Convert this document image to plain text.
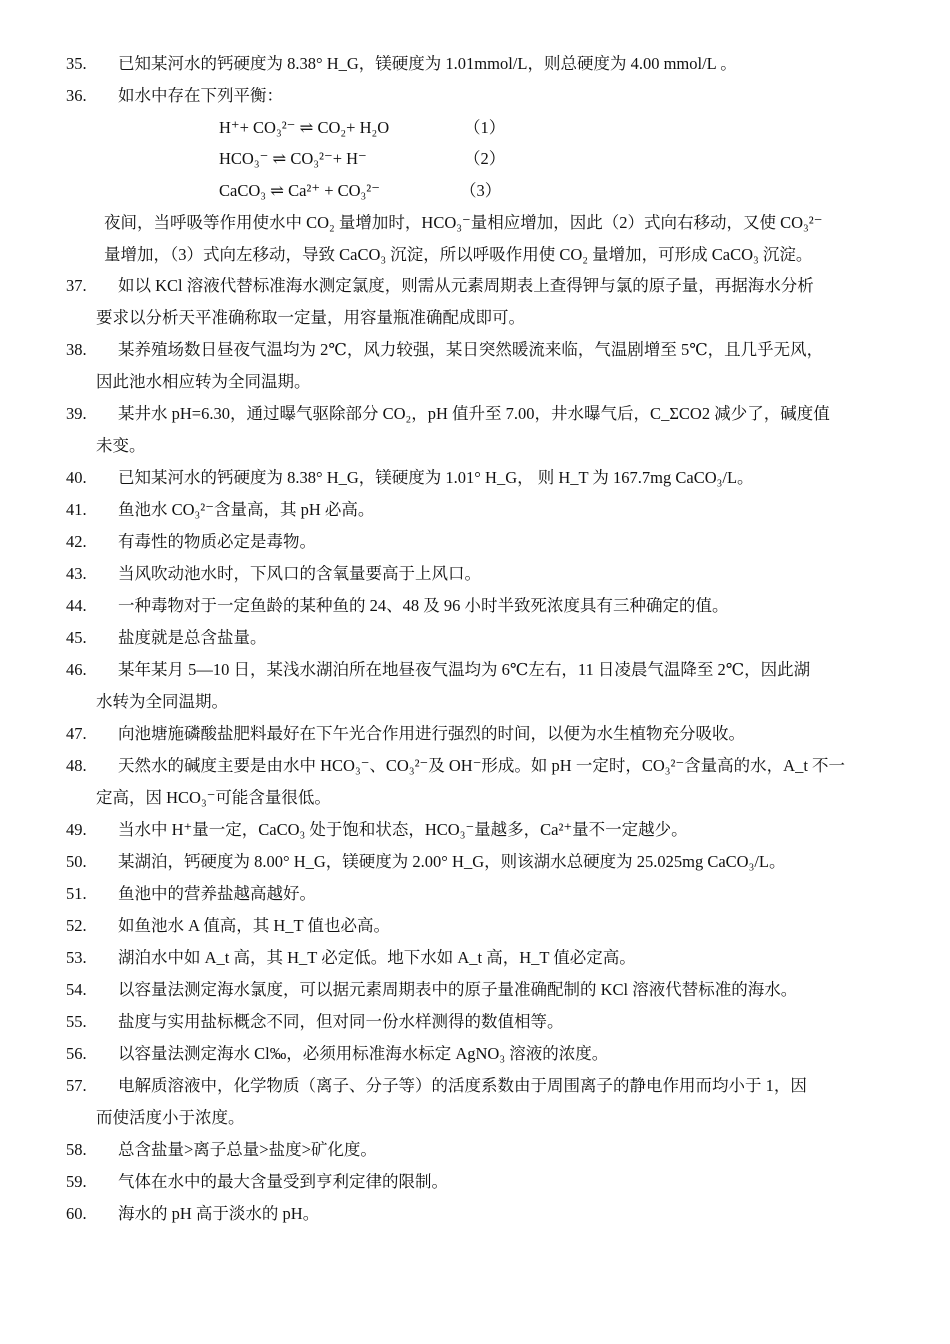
35.	已知某河水的钙硬度为 8.38° H_G，镁硬度为 1.01mmol/L，则总硬度为 4.00 mmol/L 。
36.	如水中存在下列平衡：
H⁺+ CO₃²⁻ ⇌ CO₂+ H₂O	（1）
HCO₃⁻ ⇌ CO₃²⁻+ H⁻	（2）
CaCO₃ ⇌ Ca²⁺ + CO₃²⁻	（3）
夜间，当呼吸等作用使水中 CO₂ 量增加时，HCO₃⁻量相应增加，因此（2）式向右移动，又使 CO₃²⁻
量增加，（3）式向左移动，导致 CaCO₃ 沉淀，所以呼吸作用使 CO₂ 量增加，可形成 CaCO₃ 沉淀。
37.	如以 KCl 溶液代替标准海水测定氯度，则需从元素周期表上查得钾与氯的原子量，再据海水分析
要求以分析天平准确称取一定量，用容量瓶准确配成即可。
38.	某养殖场数日昼夜气温均为 2℃，风力较强，某日突然暖流来临，气温剧增至 5℃，且几乎无风，
因此池水相应转为全同温期。
39.	某井水 pH=6.30，通过曝气驱除部分 CO₂，pH 值升至 7.00，井水曝气后，C_ΣCO2 减少了，碱度值
未变。
40.	已知某河水的钙硬度为 8.38° H_G，镁硬度为 1.01° H_G， 则 H_T 为 167.7mg CaCO₃/L。
41.	鱼池水 CO₃²⁻含量高，其 pH 必高。
42.	有毒性的物质必定是毒物。
43.	当风吹动池水时，下风口的含氧量要高于上风口。
44.	一种毒物对于一定鱼龄的某种鱼的 24、48 及 96 小时半致死浓度具有三种确定的值。
45.	盐度就是总含盐量。
46.	某年某月 5—10 日，某浅水湖泊所在地昼夜气温均为 6℃左右，11 日凌晨气温降至 2℃，因此湖
水转为全同温期。
47.	向池塘施磷酸盐肥料最好在下午光合作用进行强烈的时间，以便为水生植物充分吸收。
48.	天然水的碱度主要是由水中 HCO₃⁻、CO₃²⁻及 OH⁻形成。如 pH 一定时，CO₃²⁻含量高的水，A_t 不一
定高，因 HCO₃⁻可能含量很低。
49.	当水中 H⁺量一定，CaCO₃ 处于饱和状态，HCO₃⁻量越多，Ca²⁺量不一定越少。
50.	某湖泊，钙硬度为 8.00° H_G，镁硬度为 2.00° H_G，则该湖水总硬度为 25.025mg CaCO₃/L。
51.	鱼池中的营养盐越高越好。
52.	如鱼池水 A 值高，其 H_T 值也必高。
53.	湖泊水中如 A_t 高，其 H_T 必定低。地下水如 A_t 高，H_T 值必定高。
54.	以容量法测定海水氯度，可以据元素周期表中的原子量准确配制的 KCl 溶液代替标准的海水。
55.	盐度与实用盐标概念不同，但对同一份水样测得的数值相等。
56.	以容量法测定海水 Cl‰，必须用标准海水标定 AgNO₃ 溶液的浓度。
57.	电解质溶液中，化学物质（离子、分子等）的活度系数由于周围离子的静电作用而均小于 1，因
而使活度小于浓度。
58.	总含盐量>离子总量>盐度>矿化度。
59.	气体在水中的最大含量受到亨利定律的限制。
60.	海水的 pH 高于淡水的 pH。
